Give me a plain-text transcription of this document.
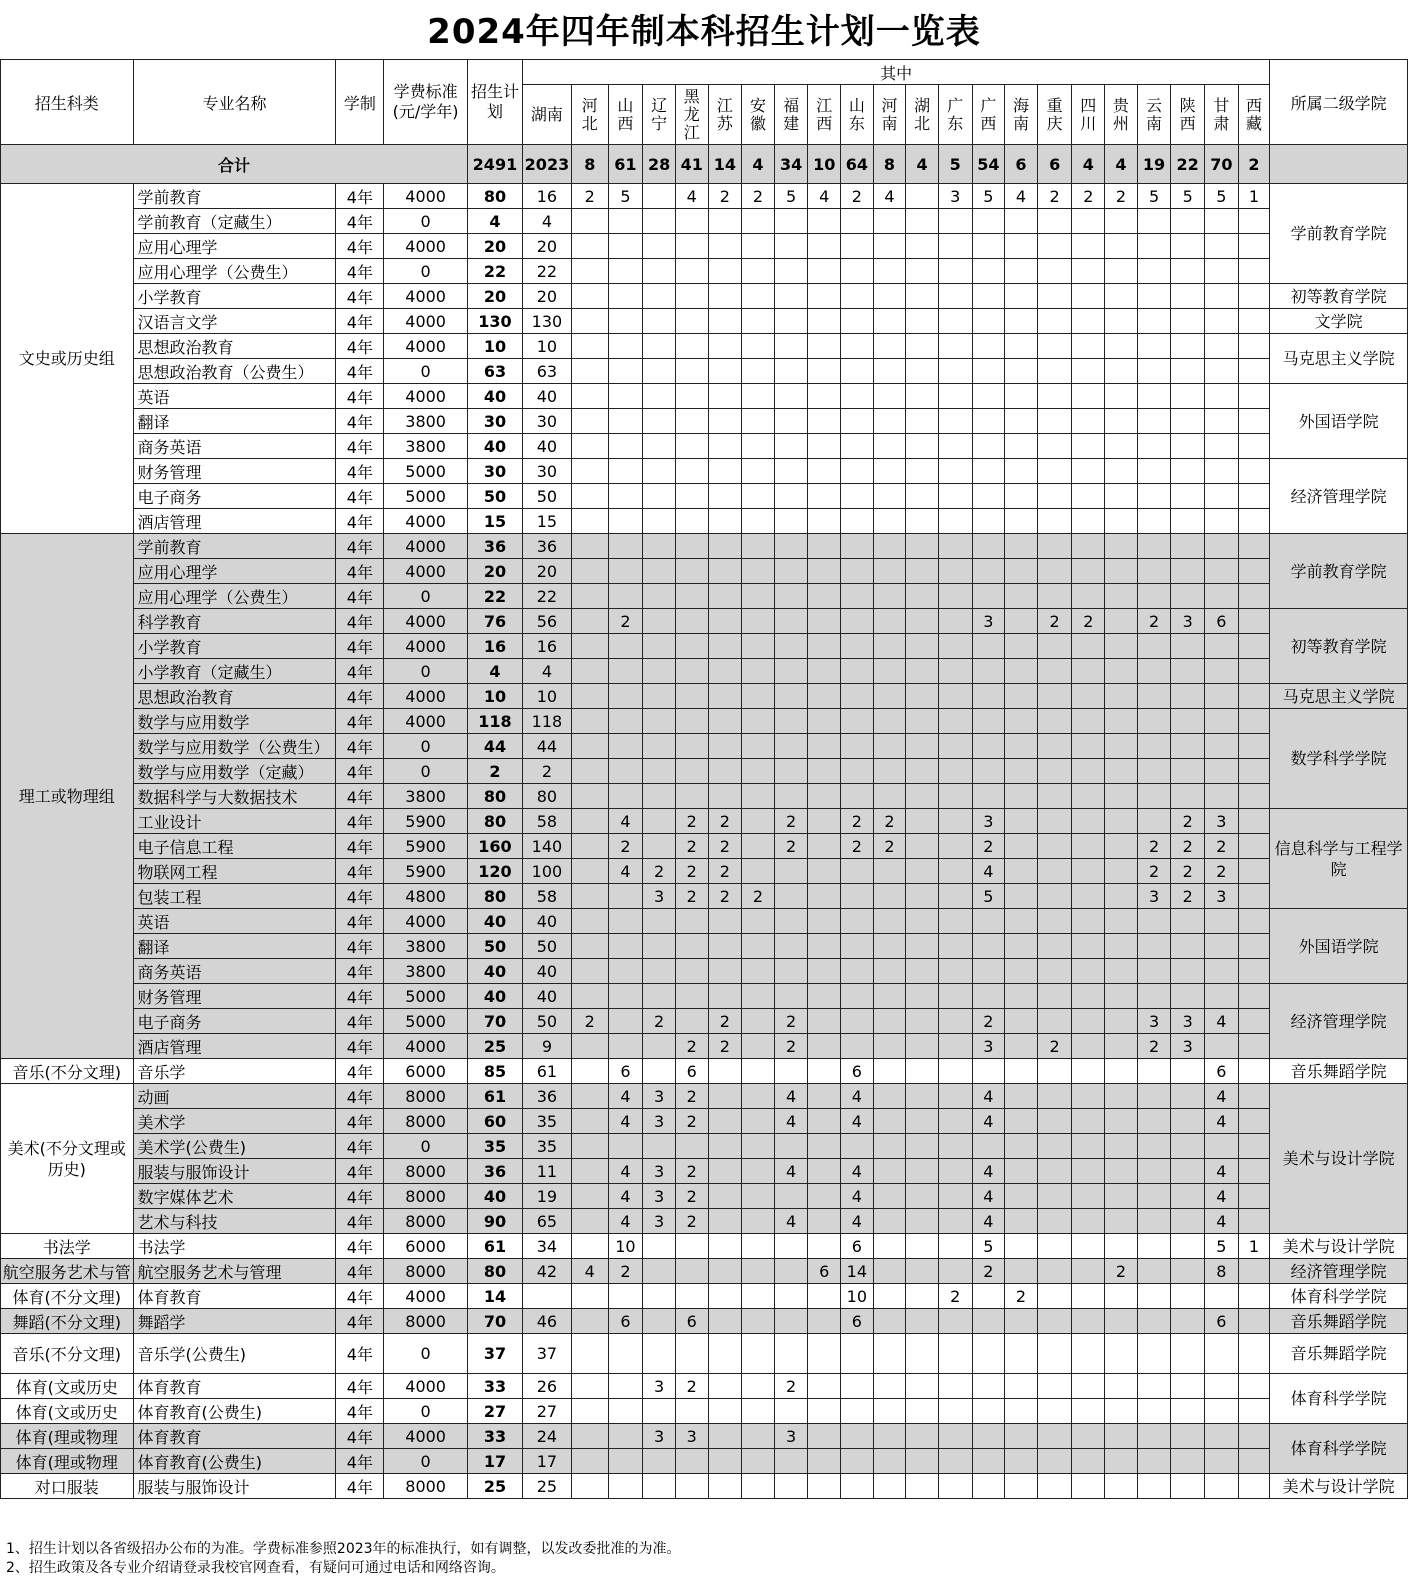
2024年四年制本科招生计划一览表
招生科类	专业名称	学制	学费标准(元/学年)	招生计划	其中																						所属二级学院
					湖南	河北	山西	辽宁	黑龙江	江苏	安徽	福建	江西	山东	河南	湖北	广东	广西	海南	重庆	四川	贵州	云南	陕西	甘肃	西藏	
合计				2491	2023	8	61	28	41	14	4	34	10	64	8	4	5	54	6	6	4	4	19	22	70	2	
文史或历史组	学前教育	4年	4000	80	16	2	5		4	2	2	5	4	2	4		3	5	4	2	2	2	5	5	5	1	学前教育学院
	学前教育（定藏生）	4年	0	4	4																						
	应用心理学	4年	4000	20	20																						
	应用心理学（公费生）	4年	0	22	22																						
	小学教育	4年	4000	20	20																						初等教育学院
	汉语言文学	4年	4000	130	130																						文学院
	思想政治教育	4年	4000	10	10																						马克思主义学院
	思想政治教育（公费生）	4年	0	63	63																						
	英语	4年	4000	40	40																						外国语学院
	翻译	4年	3800	30	30																						
	商务英语	4年	3800	40	40																						
	财务管理	4年	5000	30	30																						经济管理学院
	电子商务	4年	5000	50	50																						
	酒店管理	4年	4000	15	15																						
理工或物理组	学前教育	4年	4000	36	36																						学前教育学院
	应用心理学	4年	4000	20	20																						
	应用心理学（公费生）	4年	0	22	22																						
	科学教育	4年	4000	76	56		2											3		2	2		2	3	6		初等教育学院
	小学教育	4年	4000	16	16																						
	小学教育（定藏生）	4年	0	4	4																						
	思想政治教育	4年	4000	10	10																						马克思主义学院
	数学与应用数学	4年	4000	118	118																						数学科学学院
	数学与应用数学（公费生）	4年	0	44	44																						
	数学与应用数学（定藏）	4年	0	2	2																						
	数据科学与大数据技术	4年	3800	80	80																						
	工业设计	4年	5900	80	58		4		2	2		2		2	2			3						2	3		信息科学与工程学院
	电子信息工程	4年	5900	160	140		2		2	2		2		2	2			2					2	2	2		
	物联网工程	4年	5900	120	100		4	2	2	2								4					2	2	2		
	包装工程	4年	4800	80	58			3	2	2	2							5					3	2	3		
	英语	4年	4000	40	40																						外国语学院
	翻译	4年	3800	50	50																						
	商务英语	4年	3800	40	40																						
	财务管理	4年	5000	40	40																						经济管理学院
	电子商务	4年	5000	70	50	2		2		2		2						2					3	3	4		
	酒店管理	4年	4000	25	9				2	2		2						3		2			2	3			
音乐(不分文理)	音乐学	4年	6000	85	61		6		6					6											6		音乐舞蹈学院
美术(不分文理或历史)	动画	4年	8000	61	36		4	3	2			4		4				4							4		美术与设计学院
	美术学	4年	8000	60	35		4	3	2			4		4				4							4		
	美术学(公费生)	4年	0	35	35																						
	服装与服饰设计	4年	8000	36	11		4	3	2			4		4				4							4		
	数字媒体艺术	4年	8000	40	19		4	3	2					4				4							4		
	艺术与科技	4年	8000	90	65		4	3	2			4		4				4							4		
书法学	书法学	4年	6000	61	34		10							6				5							5	1	美术与设计学院
航空服务艺术与管	航空服务艺术与管理	4年	8000	80	42	4	2						6	14				2				2			8		经济管理学院
体育(不分文理)	体育教育	4年	4000	14										10			2		2								体育科学学院
舞蹈(不分文理)	舞蹈学	4年	8000	70	46		6		6					6											6		音乐舞蹈学院
音乐(不分文理)	音乐学(公费生)	4年	0	37	37																						音乐舞蹈学院
体育(文或历史	体育教育	4年	4000	33	26			3	2			2															体育科学学院
体育(文或历史	体育教育(公费生)	4年	0	27	27																						
体育(理或物理	体育教育	4年	4000	33	24			3	3			3															体育科学学院
体育(理或物理	体育教育(公费生)	4年	0	17	17																						
对口服装	服装与服饰设计	4年	8000	25	25																						美术与设计学院
1、招生计划以各省级招办公布的为准。学费标准参照2023年的标准执行，如有调整，以发改委批准的为准。
2、招生政策及各专业介绍请登录我校官网查看，有疑问可通过电话和网络咨询。
